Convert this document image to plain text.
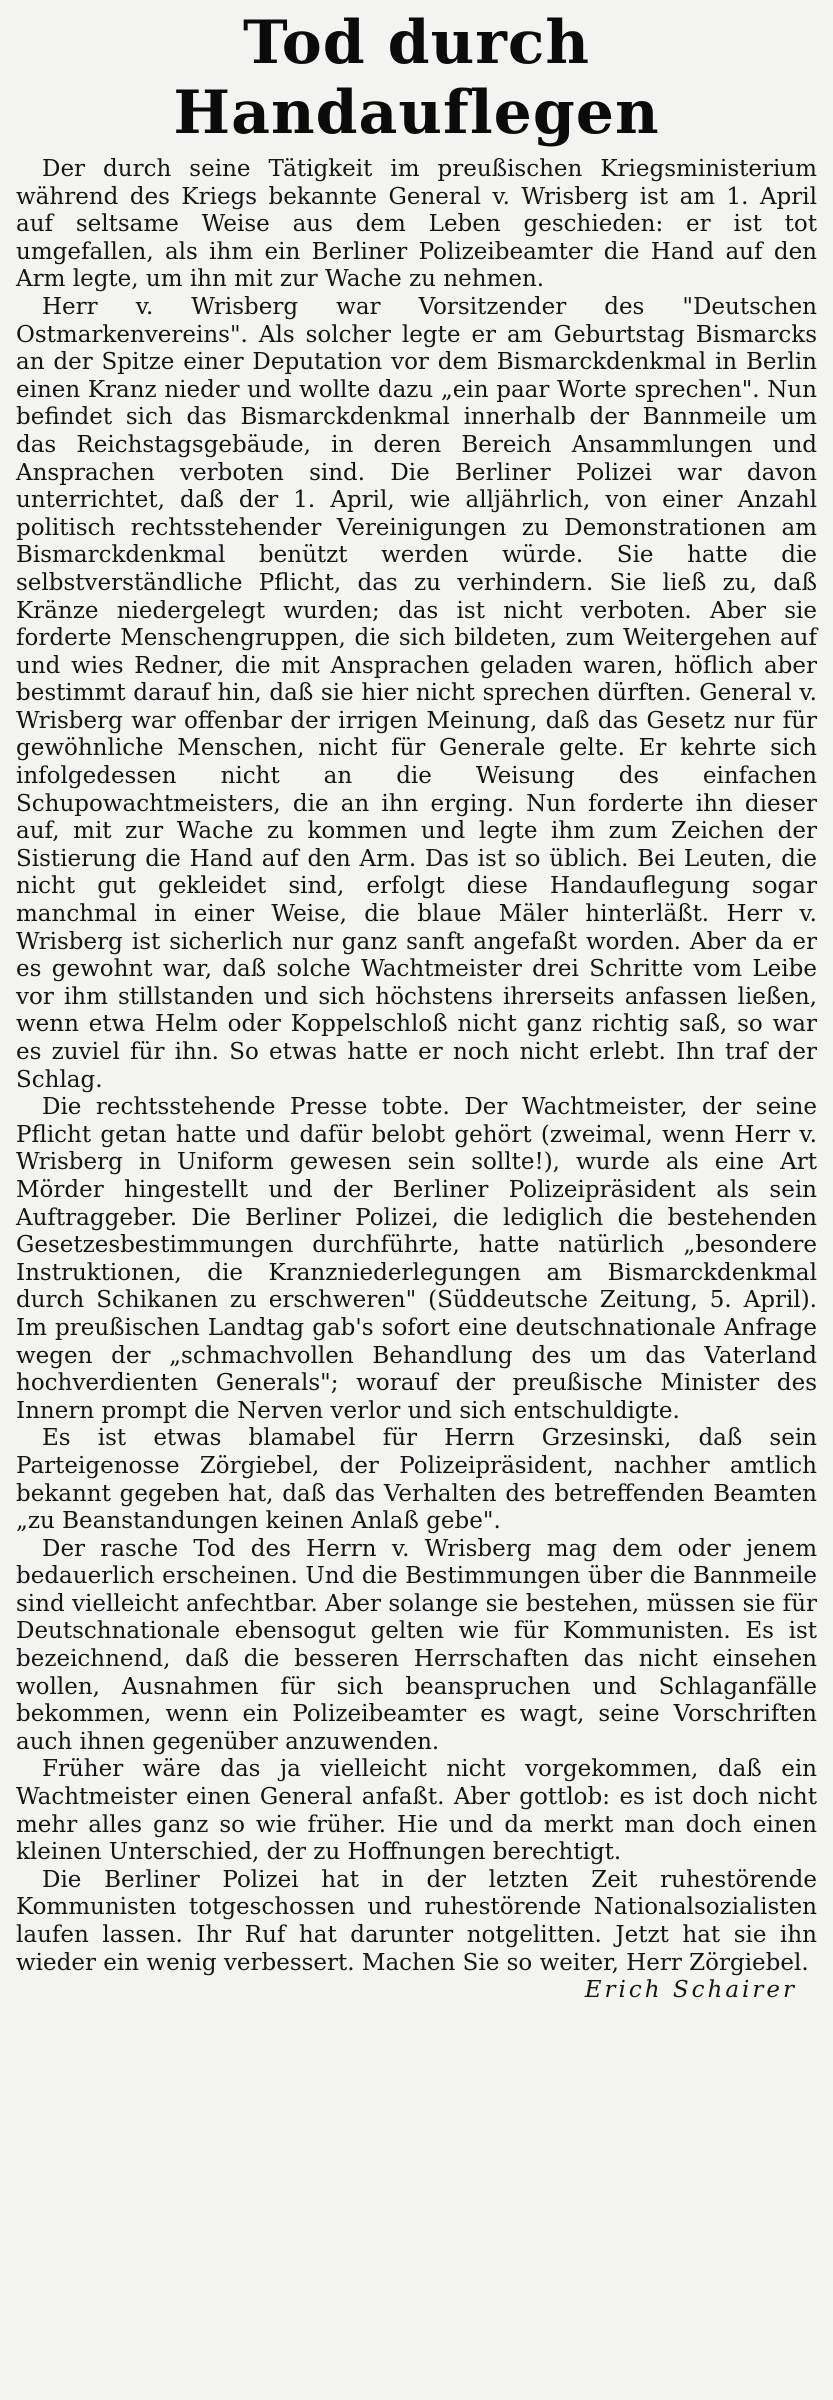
Tod durch Handauflegen

Der durch seine Tätigkeit im preußischen Kriegsministerium während des Kriegs bekannte General v. Wrisberg ist am 1. April auf seltsame Weise aus dem Leben geschieden: er ist tot umgefallen, als ihm ein Berliner Polizeibeamter die Hand auf den Arm legte, um ihn mit zur Wache zu nehmen.

Herr v. Wrisberg war Vorsitzender des "Deutschen Ostmarkenvereins". Als solcher legte er am Geburtstag Bismarcks an der Spitze einer Deputation vor dem Bismarckdenkmal in Berlin einen Kranz nieder und wollte dazu „ein paar Worte sprechen". Nun befindet sich das Bismarckdenkmal innerhalb der Bannmeile um das Reichstagsgebäude, in deren Bereich Ansammlungen und Ansprachen verboten sind. Die Berliner Polizei war davon unterrichtet, daß der 1. April, wie alljährlich, von einer Anzahl politisch rechtsstehender Vereinigungen zu Demonstrationen am Bismarckdenkmal benützt werden würde. Sie hatte die selbstverständliche Pflicht, das zu verhindern. Sie ließ zu, daß Kränze niedergelegt wurden; das ist nicht verboten. Aber sie forderte Menschengruppen, die sich bildeten, zum Weitergehen auf und wies Redner, die mit Ansprachen geladen waren, höflich aber bestimmt darauf hin, daß sie hier nicht sprechen dürften. General v. Wrisberg war offenbar der irrigen Meinung, daß das Gesetz nur für gewöhnliche Menschen, nicht für Generale gelte. Er kehrte sich infolgedessen nicht an die Weisung des einfachen Schupowachtmeisters, die an ihn erging. Nun forderte ihn dieser auf, mit zur Wache zu kommen und legte ihm zum Zeichen der Sistierung die Hand auf den Arm. Das ist so üblich. Bei Leuten, die nicht gut gekleidet sind, erfolgt diese Handauflegung sogar manchmal in einer Weise, die blaue Mäler hinterläßt. Herr v. Wrisberg ist sicherlich nur ganz sanft angefaßt worden. Aber da er es gewohnt war, daß solche Wachtmeister drei Schritte vom Leibe vor ihm stillstanden und sich höchstens ihrerseits anfassen ließen, wenn etwa Helm oder Koppelschloß nicht ganz richtig saß, so war es zuviel für ihn. So etwas hatte er noch nicht erlebt. Ihn traf der Schlag.

Die rechtsstehende Presse tobte. Der Wachtmeister, der seine Pflicht getan hatte und dafür belobt gehört (zweimal, wenn Herr v. Wrisberg in Uniform gewesen sein sollte!), wurde als eine Art Mörder hingestellt und der Berliner Polizeipräsident als sein Auftraggeber. Die Berliner Polizei, die lediglich die bestehenden Gesetzesbestimmungen durchführte, hatte natürlich „besondere Instruktionen, die Kranzniederlegungen am Bismarckdenkmal durch Schikanen zu erschweren" (Süddeutsche Zeitung, 5. April). Im preußischen Landtag gab's sofort eine deutschnationale Anfrage wegen der „schmachvollen Behandlung des um das Vaterland hochverdienten Generals"; worauf der preußische Minister des Innern prompt die Nerven verlor und sich entschuldigte.

Es ist etwas blamabel für Herrn Grzesinski, daß sein Parteigenosse Zörgiebel, der Polizeipräsident, nachher amtlich bekannt gegeben hat, daß das Verhalten des betreffenden Beamten „zu Beanstandungen keinen Anlaß gebe".

Der rasche Tod des Herrn v. Wrisberg mag dem oder jenem bedauerlich erscheinen. Und die Bestimmungen über die Bannmeile sind vielleicht anfechtbar. Aber solange sie bestehen, müssen sie für Deutschnationale ebensogut gelten wie für Kommunisten. Es ist bezeichnend, daß die besseren Herrschaften das nicht einsehen wollen, Ausnahmen für sich beanspruchen und Schlaganfälle bekommen, wenn ein Polizeibeamter es wagt, seine Vorschriften auch ihnen gegenüber anzuwenden.

Früher wäre das ja vielleicht nicht vorgekommen, daß ein Wachtmeister einen General anfaßt. Aber gottlob: es ist doch nicht mehr alles ganz so wie früher. Hie und da merkt man doch einen kleinen Unterschied, der zu Hoffnungen berechtigt.

Die Berliner Polizei hat in der letzten Zeit ruhestörende Kommunisten totgeschossen und ruhestörende Nationalsozialisten laufen lassen. Ihr Ruf hat darunter notgelitten. Jetzt hat sie ihn wieder ein wenig verbessert. Machen Sie so weiter, Herr Zörgiebel.

Erich Schairer
